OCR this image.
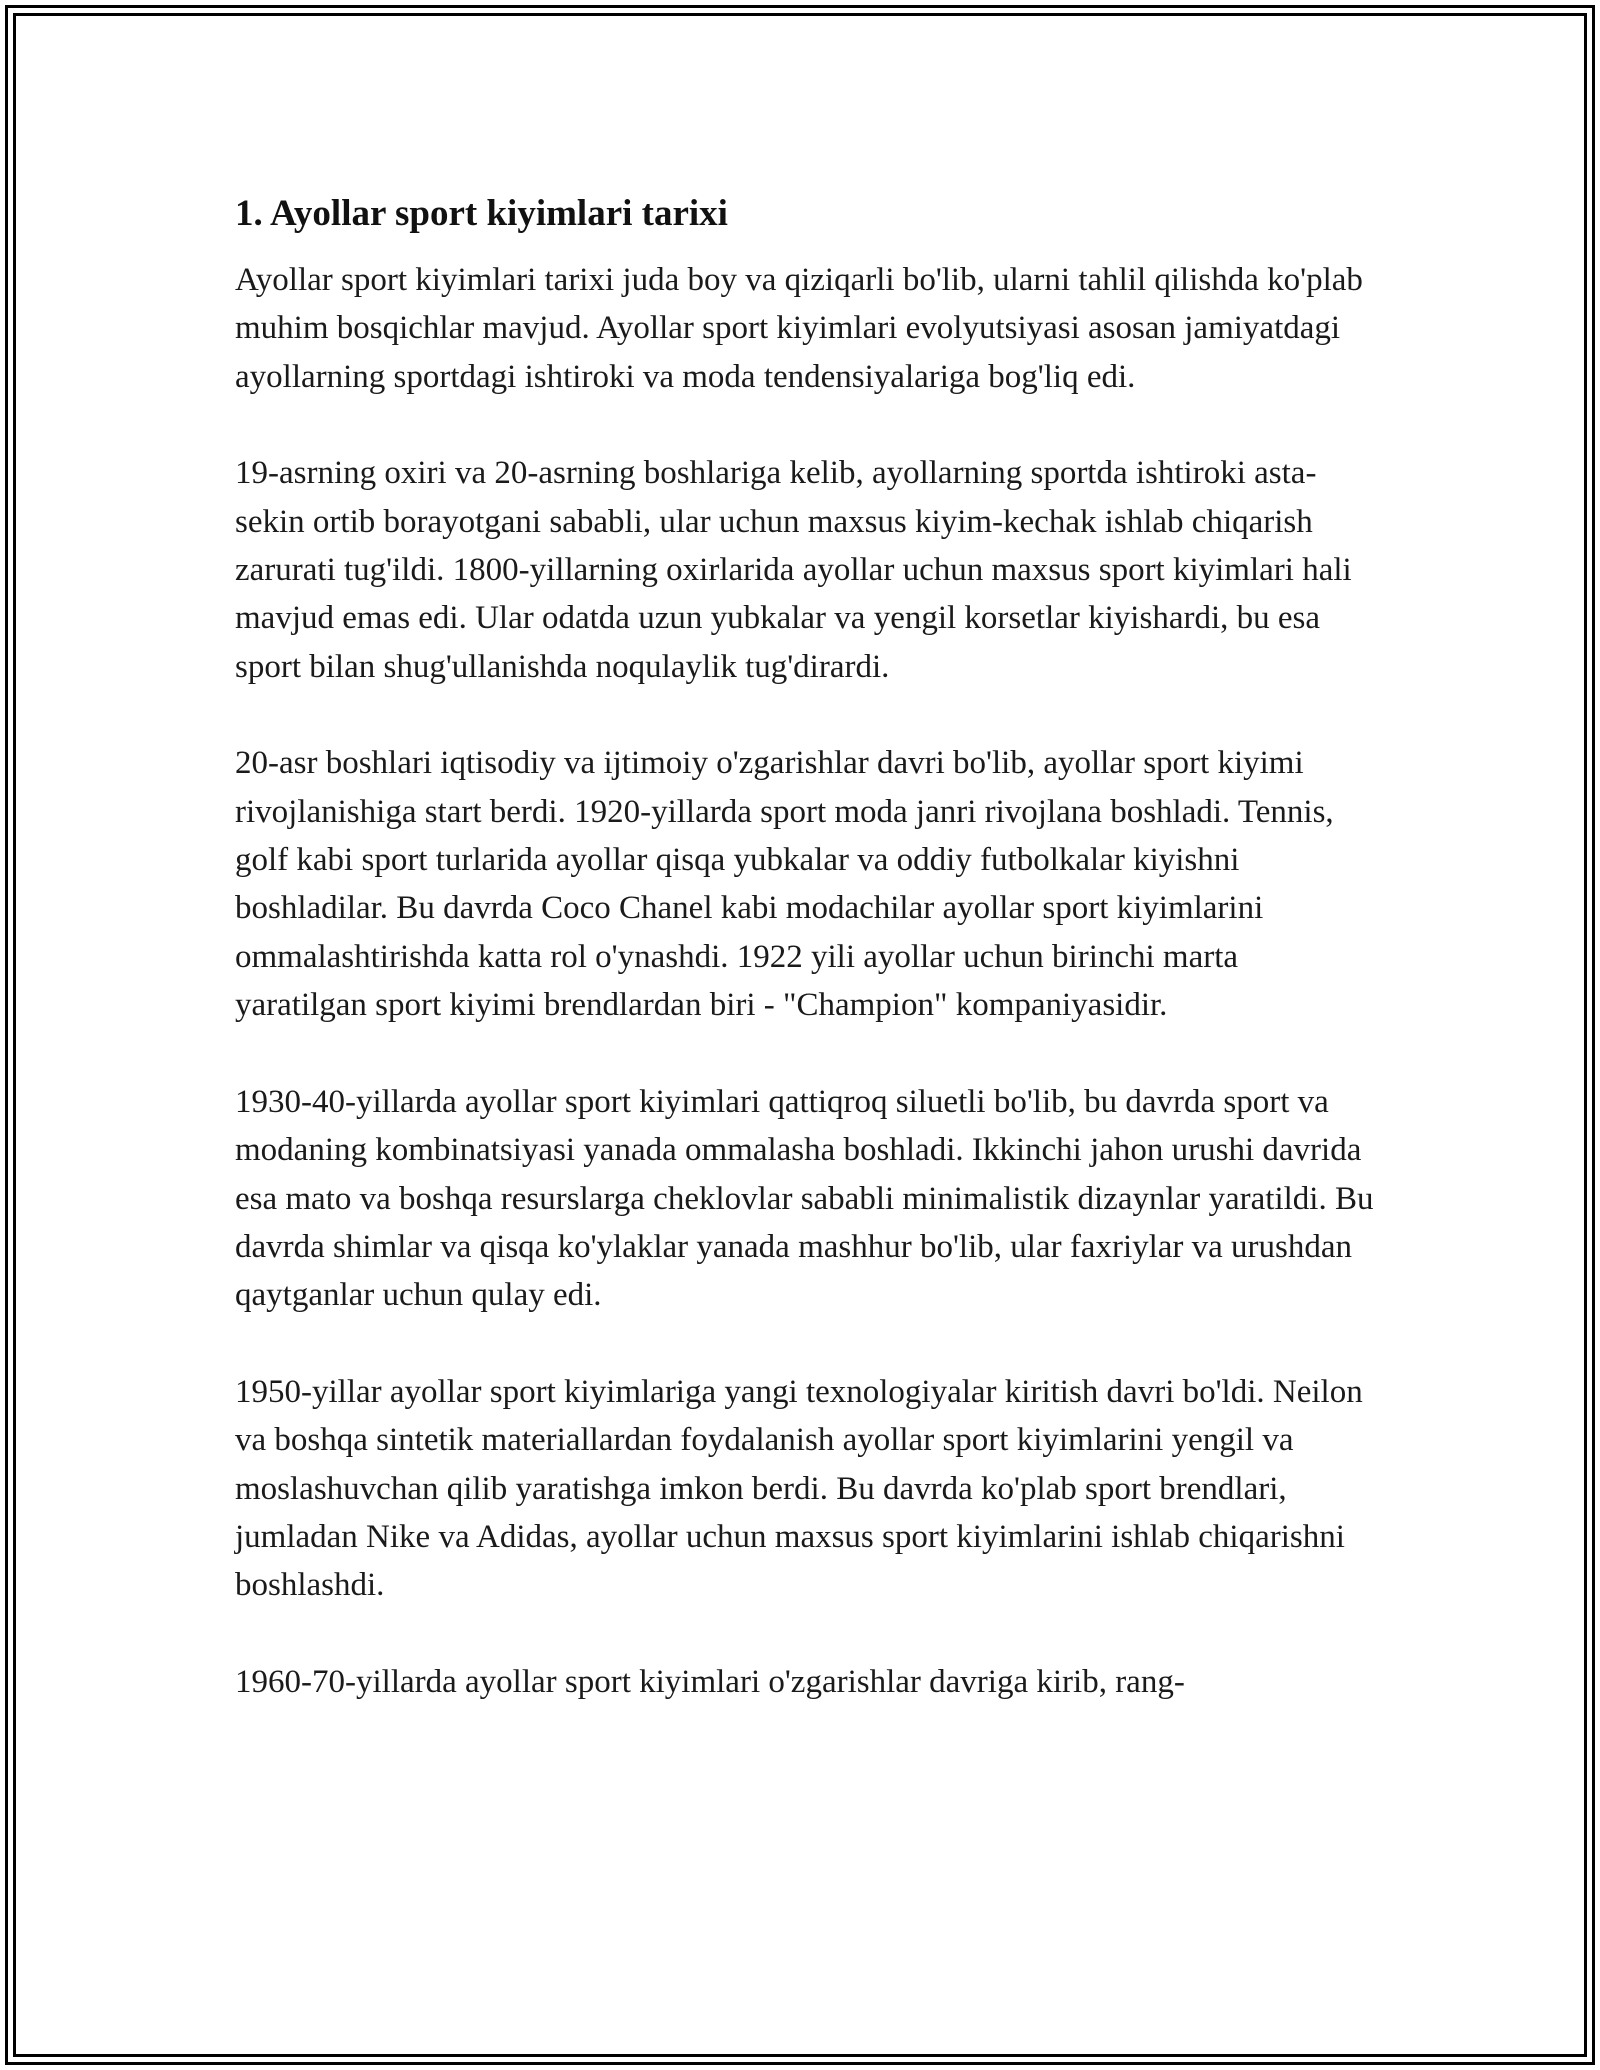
1. Ayollar sport kiyimlari tarixi

Ayollar sport kiyimlari tarixi juda boy va qiziqarli bo'lib, ularni tahlil qilishda ko'plab muhim bosqichlar mavjud. Ayollar sport kiyimlari evolyutsiyasi asosan jamiyatdagi ayollarning sportdagi ishtiroki va moda tendensiyalariga bog'liq edi.

19-asrning oxiri va 20-asrning boshlariga kelib, ayollarning sportda ishtiroki asta-sekin ortib borayotgani sababli, ular uchun maxsus kiyim-kechak ishlab chiqarish zarurati tug'ildi. 1800-yillarning oxirlarida ayollar uchun maxsus sport kiyimlari hali mavjud emas edi. Ular odatda uzun yubkalar va yengil korsetlar kiyishardi, bu esa sport bilan shug'ullanishda noqulaylik tug'dirardi.

20-asr boshlari iqtisodiy va ijtimoiy o'zgarishlar davri bo'lib, ayollar sport kiyimi rivojlanishiga start berdi. 1920-yillarda sport moda janri rivojlana boshladi. Tennis, golf kabi sport turlarida ayollar qisqa yubkalar va oddiy futbolkalar kiyishni boshladilar. Bu davrda Coco Chanel kabi modachilar ayollar sport kiyimlarini ommalashtirishda katta rol o'ynashdi. 1922 yili ayollar uchun birinchi marta yaratilgan sport kiyimi brendlardan biri - "Champion" kompaniyasidir.

1930-40-yillarda ayollar sport kiyimlari qattiqroq siluetli bo'lib, bu davrda sport va modaning kombinatsiyasi yanada ommalasha boshladi. Ikkinchi jahon urushi davrida esa mato va boshqa resurslarga cheklovlar sababli minimalistik dizaynlar yaratildi. Bu davrda shimlar va qisqa ko'ylaklar yanada mashhur bo'lib, ular faxriylar va urushdan qaytganlar uchun qulay edi.

1950-yillar ayollar sport kiyimlariga yangi texnologiyalar kiritish davri bo'ldi. Neilon va boshqa sintetik materiallardan foydalanish ayollar sport kiyimlarini yengil va moslashuvchan qilib yaratishga imkon berdi. Bu davrda ko'plab sport brendlari, jumladan Nike va Adidas, ayollar uchun maxsus sport kiyimlarini ishlab chiqarishni boshlashdi.

1960-70-yillarda ayollar sport kiyimlari o'zgarishlar davriga kirib, rang-
